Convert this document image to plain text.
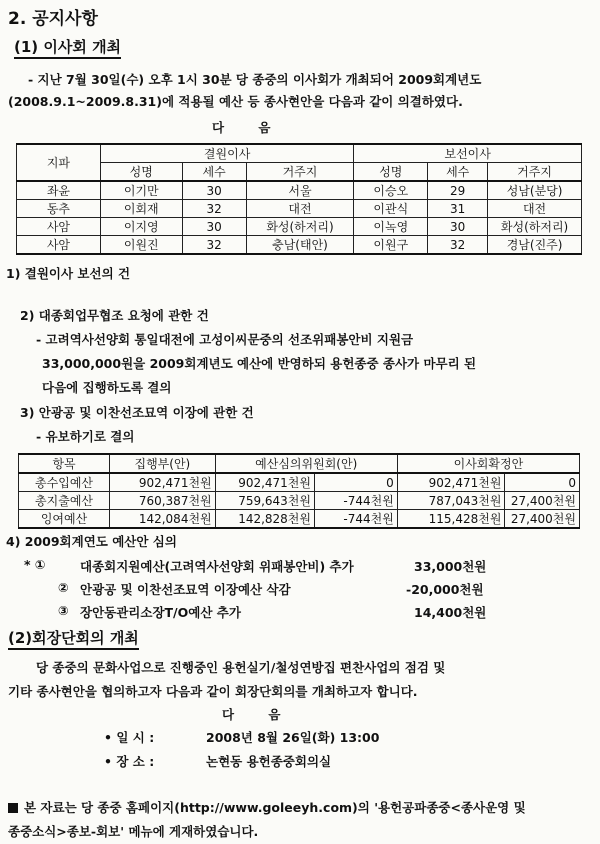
2. 공지사항
(1) 이사회 개최
- 지난 7월 30일(수) 오후 1시 30분 당 종중의 이사회가 개최되어 2009회계년도
(2008.9.1~2009.8.31)에 적용될 예산 등 종사현안을 다음과 같이 의결하였다.
다 음
지파	결원이사			보선이사		
	성명	세수	거주지	성명	세수	거주지
좌윤	이기만	30	서울	이승오	29	성남(분당)
동추	이회재	32	대전	이관식	31	대전
사암	이지영	30	화성(하저리)	이녹영	30	화성(하저리)
사암	이원진	32	충남(태안)	이원구	32	경남(진주)
1) 결원이사 보선의 건
2) 대종회업무협조 요청에 관한 건
- 고려역사선양회 통일대전에 고성이씨문중의 선조위패봉안비 지원금
33,000,000원을 2009회계년도 예산에 반영하되 용헌종중 종사가 마무리 된
다음에 집행하도록 결의
3) 안광공 및 이찬선조묘역 이장에 관한 건
- 유보하기로 결의
항목	집행부(안)	예산심의위원회(안)		이사회확정안	
총수입예산	902,471천원	902,471천원	0	902,471천원	0
총지출예산	760,387천원	759,643천원	-744천원	787,043천원	27,400천원
잉여예산	142,084천원	142,828천원	-744천원	115,428천원	27,400천원
4) 2009회계연도 예산안 심의
* ①	대종회지원예산(고려역사선양회 위패봉안비) 추가	33,000천원
② 안광공 및 이찬선조묘역 이장예산 삭감	-20,000천원
③ 장안동관리소장T/O예산 추가	14,400천원
(2)회장단회의 개최
당 종중의 문화사업으로 진행중인 용헌실기/철성연방집 편찬사업의 점검 및
기타 종사현안을 협의하고자 다음과 같이 회장단회의를 개최하고자 합니다.
다 음
• 일 시 :	2008년 8월 26일(화) 13:00
• 장 소 :	논현동 용헌종중회의실
본 자료는 당 종중 홈페이지(http://www.goleeyh.com)의 '용헌공파종중<종사운영 및
종중소식>종보-회보' 메뉴에 게재하였습니다.
